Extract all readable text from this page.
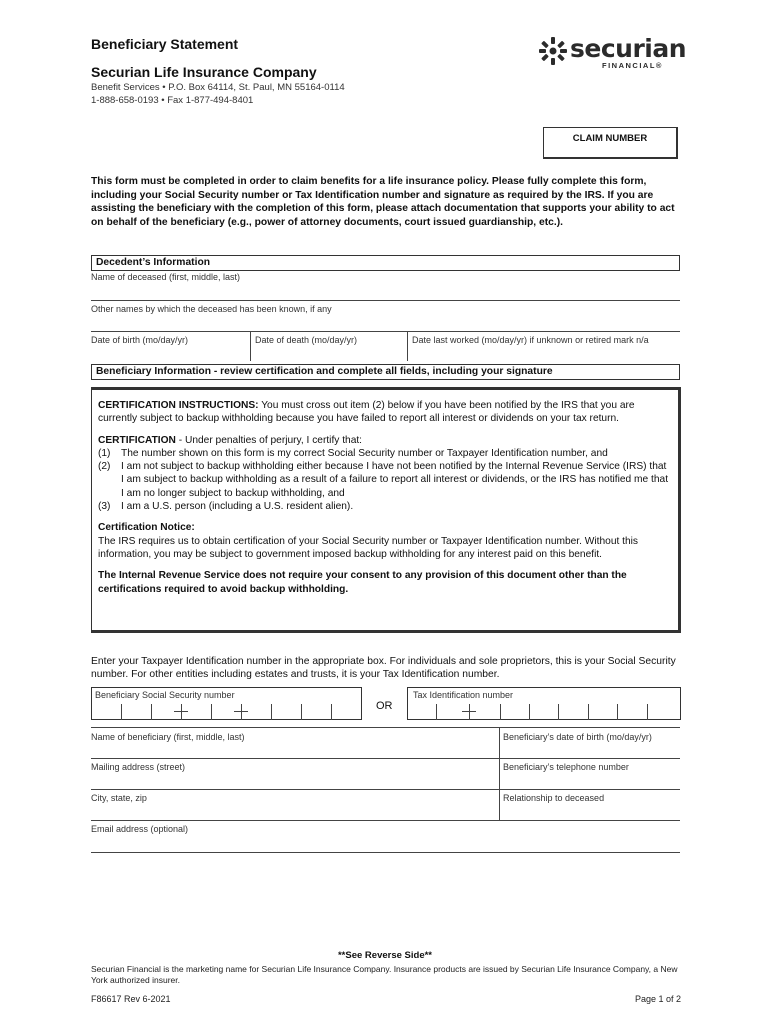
Beneficiary Statement
Securian Life Insurance Company
Benefit Services • P.O. Box 64114, St. Paul, MN 55164-0114
1-888-658-0193 • Fax 1-877-494-8401
securian
FINANCIAL®
CLAIM NUMBER
This form must be completed in order to claim benefits for a life insurance policy. Please fully complete this form, including your Social Security number or Tax Identification number and signature as required by the IRS. If you are assisting the beneficiary with the completion of this form, please attach documentation that supports your ability to act on behalf of the beneficiary (e.g., power of attorney documents, court issued guardianship, etc.).
Decedent’s Information
Name of deceased (first, middle, last)
Other names by which the deceased has been known, if any
Date of birth (mo/day/yr)	Date of death (mo/day/yr)	Date last worked (mo/day/yr) if unknown or retired mark n/a
Beneficiary Information - review certification and complete all fields, including your signature

CERTIFICATION INSTRUCTIONS: You must cross out item (2) below if you have been notified by the IRS that you are currently subject to backup withholding because you have failed to report all interest or dividends on your tax return.

CERTIFICATION - Under penalties of perjury, I certify that:
(1)	The number shown on this form is my correct Social Security number or Taxpayer Identification number, and
(2)	I am not subject to backup withholding either because I have not been notified by the Internal Revenue Service (IRS) that I am subject to backup withholding as a result of a failure to report all interest or dividends, or the IRS has notified me that I am no longer subject to backup withholding, and
(3)	I am a U.S. person (including a U.S. resident alien).
Certification Notice:

The IRS requires us to obtain certification of your Social Security number or Taxpayer Identification number. Without this information, you may be subject to government imposed backup withholding for any interest paid on this benefit.

The Internal Revenue Service does not require your consent to any provision of this document other than the certifications required to avoid backup withholding.

Enter your Taxpayer Identification number in the appropriate box. For individuals and sole proprietors, this is your Social Security number. For other entities including estates and trusts, it is your Tax Identification number.
Beneficiary Social Security number
OR
Tax Identification number
Name of beneficiary (first, middle, last)	Beneficiary’s date of birth (mo/day/yr)
Mailing address (street)	Beneficiary’s telephone number
City, state, zip	Relationship to deceased
Email address (optional)
**See Reverse Side**
Securian Financial is the marketing name for Securian Life Insurance Company. Insurance products are issued by Securian Life Insurance Company, a New York authorized insurer.
F86617 Rev 6-2021	Page 1 of 2
